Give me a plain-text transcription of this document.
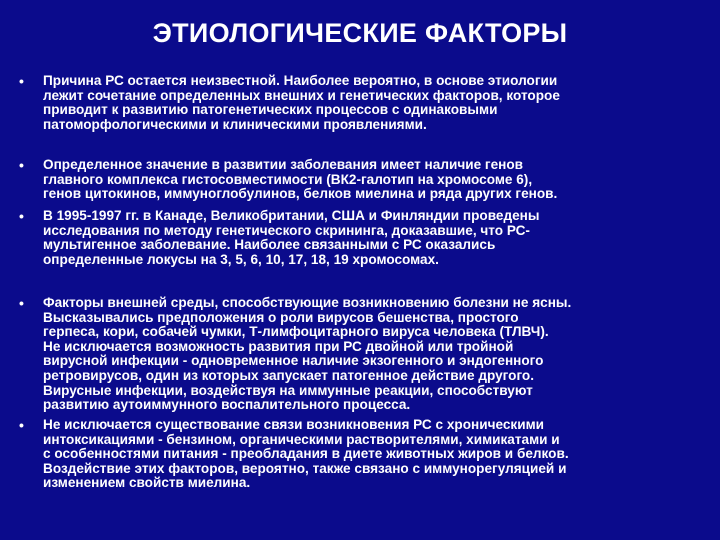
ЭТИОЛОГИЧЕСКИЕ ФАКТОРЫ
•	Причина РС остается неизвестной. Наиболее вероятно, в основе этиологии
лежит сочетание определенных внешних и генетических факторов, которое
приводит к развитию патогенетических процессов с одинаковыми
патоморфологическими и клиническими проявлениями.
•	Определенное значение в развитии заболевания имеет наличие генов
главного комплекса гистосовместимости (ВК2-галотип на хромосоме 6),
генов цитокинов, иммуноглобулинов, белков миелина и ряда других генов.
•	В 1995-1997 гг. в Канаде, Великобритании, США и Финляндии проведены
исследования по методу генетического скрининга, доказавшие, что РС-
мультигенное заболевание. Наиболее связанными с РС оказались
определенные локусы на 3, 5, 6, 10, 17, 18, 19 хромосомах.
•	Факторы внешней среды, способствующие возникновению болезни не ясны.
Высказывались предположения о роли вирусов бешенства, простого
герпеса, кори, собачей чумки, Т-лимфоцитарного вируса человека (ТЛВЧ).
Не исключается возможность развития при РС двойной или тройной
вирусной инфекции - одновременное наличие экзогенного и эндогенного
ретровирусов, один из которых запускает патогенное действие другого.
Вирусные инфекции, воздействуя на иммунные реакции, способствуют
развитию аутоиммунного воспалительного процесса.
•	Не исключается существование связи возникновения РС с хроническими
интоксикациями - бензином, органическими растворителями, химикатами и
с особенностями питания - преобладания в диете животных жиров и белков.
Воздействие этих факторов, вероятно, также связано с иммунорегуляцией и
изменением свойств миелина.
